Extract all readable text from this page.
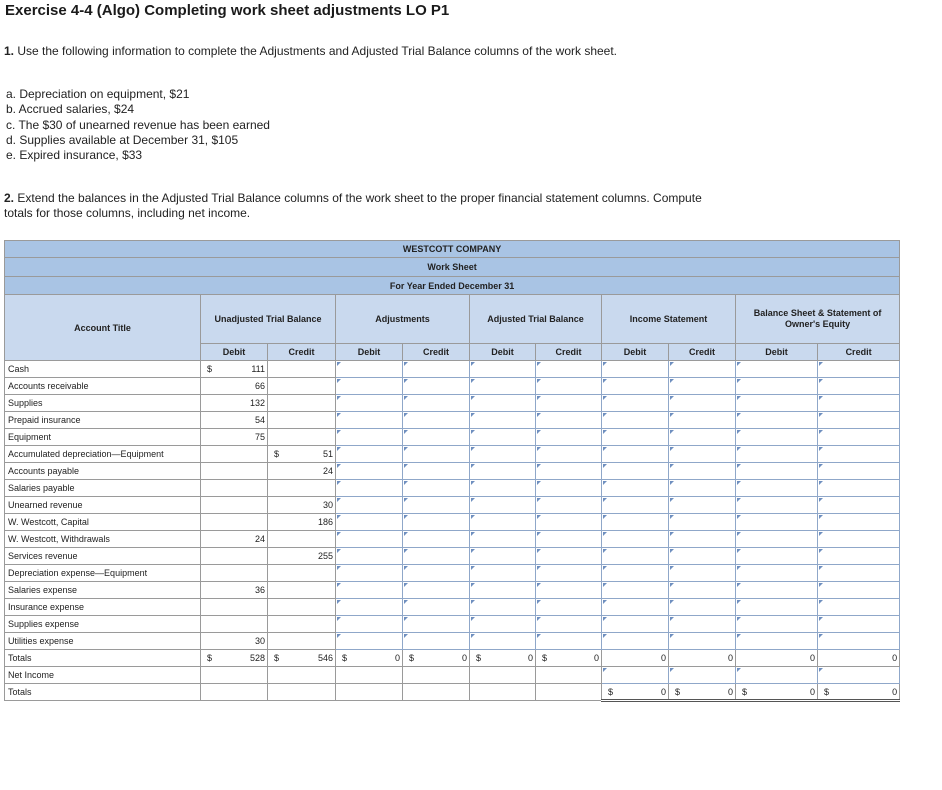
Exercise 4-4 (Algo) Completing work sheet adjustments LO P1
1. Use the following information to complete the Adjustments and Adjusted Trial Balance columns of the work sheet.
a. Depreciation on equipment, $21
b. Accrued salaries, $24
c. The $30 of unearned revenue has been earned
d. Supplies available at December 31, $105
e. Expired insurance, $33
2. Extend the balances in the Adjusted Trial Balance columns of the work sheet to the proper financial statement columns. Compute
totals for those columns, including net income.
WESTCOTT COMPANY										
Work Sheet										
For Year Ended December 31										
Account Title	Unadjusted Trial Balance		Adjustments		Adjusted Trial Balance		Income Statement		Balance Sheet & Statement of Owner's Equity	
	Debit	Credit	Debit	Credit	Debit	Credit	Debit	Credit	Debit	Credit
Cash	$ 111									
Accounts receivable	66									
Supplies	132									
Prepaid insurance	54									
Equipment	75									
Accumulated depreciation—Equipment		$ 51								
Accounts payable		24								
Salaries payable										
Unearned revenue		30								
W. Westcott, Capital		186								
W. Westcott, Withdrawals	24									
Services revenue		255								
Depreciation expense—Equipment										
Salaries expense	36									
Insurance expense										
Supplies expense										
Utilities expense	30									
Totals	$ 528	$ 546	$ 0	$ 0	$ 0	$ 0	0	0	0	0
Net Income										
Totals							$ 0	$ 0	$ 0	$ 0
